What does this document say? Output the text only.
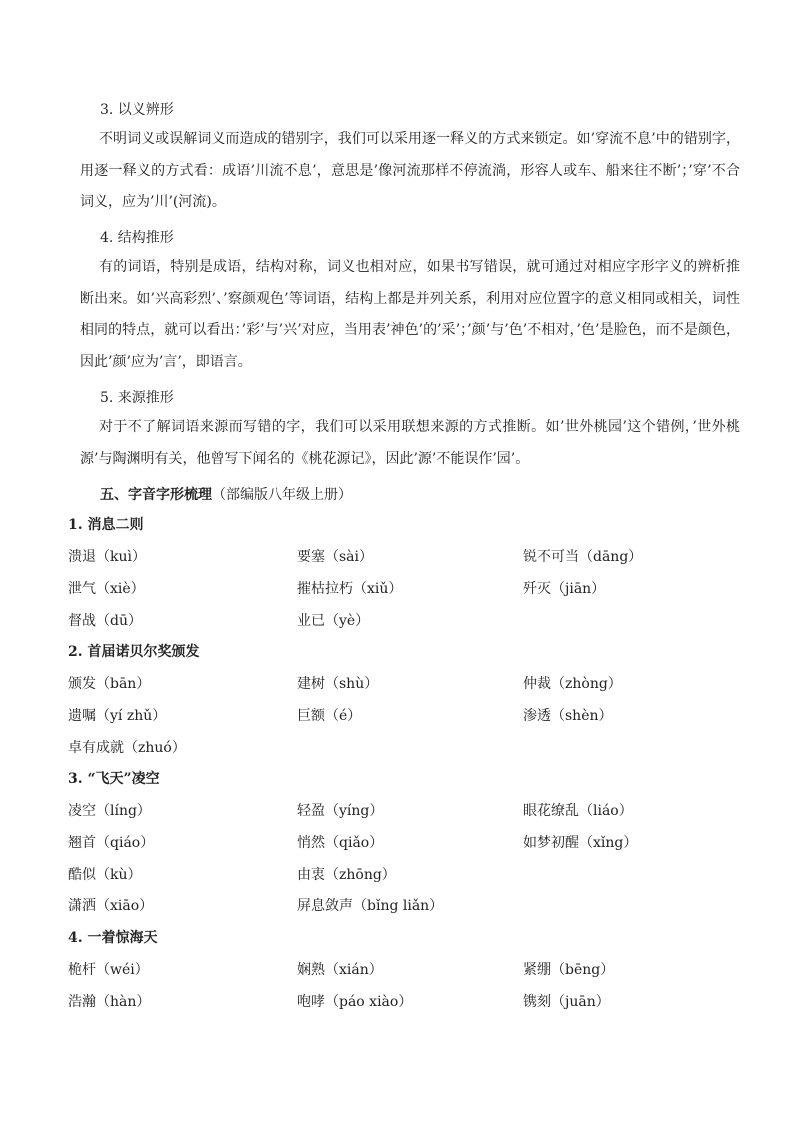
3. 以义辨形
不明词义或误解词义而造成的错别字，我们可以采用逐一释义的方式来锁定。如’穿流不息’中的错别字，用逐一释义的方式看：成语’川流不息’，意思是’像河流那样不停流淌，形容人或车、船来往不断’；’穿’不合词义，应为’川’(河流)。
4. 结构推形
有的词语，特别是成语，结构对称，词义也相对应，如果书写错误，就可通过对相应字形字义的辨析推断出来。如’兴高彩烈’、’察颜观色’等词语，结构上都是并列关系，利用对应位置字的意义相同或相关，词性相同的特点，就可以看出：’彩’与’兴’对应，当用表’神色’的’采’；’颜’与’色’不相对，’色’是脸色，而不是颜色，因此’颜’应为’言’，即语言。
5. 来源推形
对于不了解词语来源而写错的字，我们可以采用联想来源的方式推断。如’世外桃园’这个错例，’世外桃源’与陶渊明有关，他曾写下闻名的《桃花源记》，因此’源’不能误作’园’。
五、字音字形梳理（部编版八年级上册）
1. 消息二则
溃退（kuì）	要塞（sài）	锐不可当（dāng）
泄气（xiè）	摧枯拉朽（xiǔ）	歼灭（jiān）
督战（dū）	业已（yè）
2. 首届诺贝尔奖颁发
颁发（bān）	建树（shù）	仲裁（zhòng）
遗嘱（yí zhǔ）	巨额（é）	渗透（shèn）
卓有成就（zhuó）
3. “飞天”凌空
凌空（líng）	轻盈（yíng）	眼花缭乱（liáo）
翘首（qiáo）	悄然（qiǎo）	如梦初醒（xǐng）
酷似（kù）	由衷（zhōng）
潇洒（xiāo）	屏息敛声（bǐng liǎn）
4. 一着惊海天
桅杆（wéi）	娴熟（xián）	紧绷（bēng）
浩瀚（hàn）	咆哮（páo xiào）	镌刻（juān）
